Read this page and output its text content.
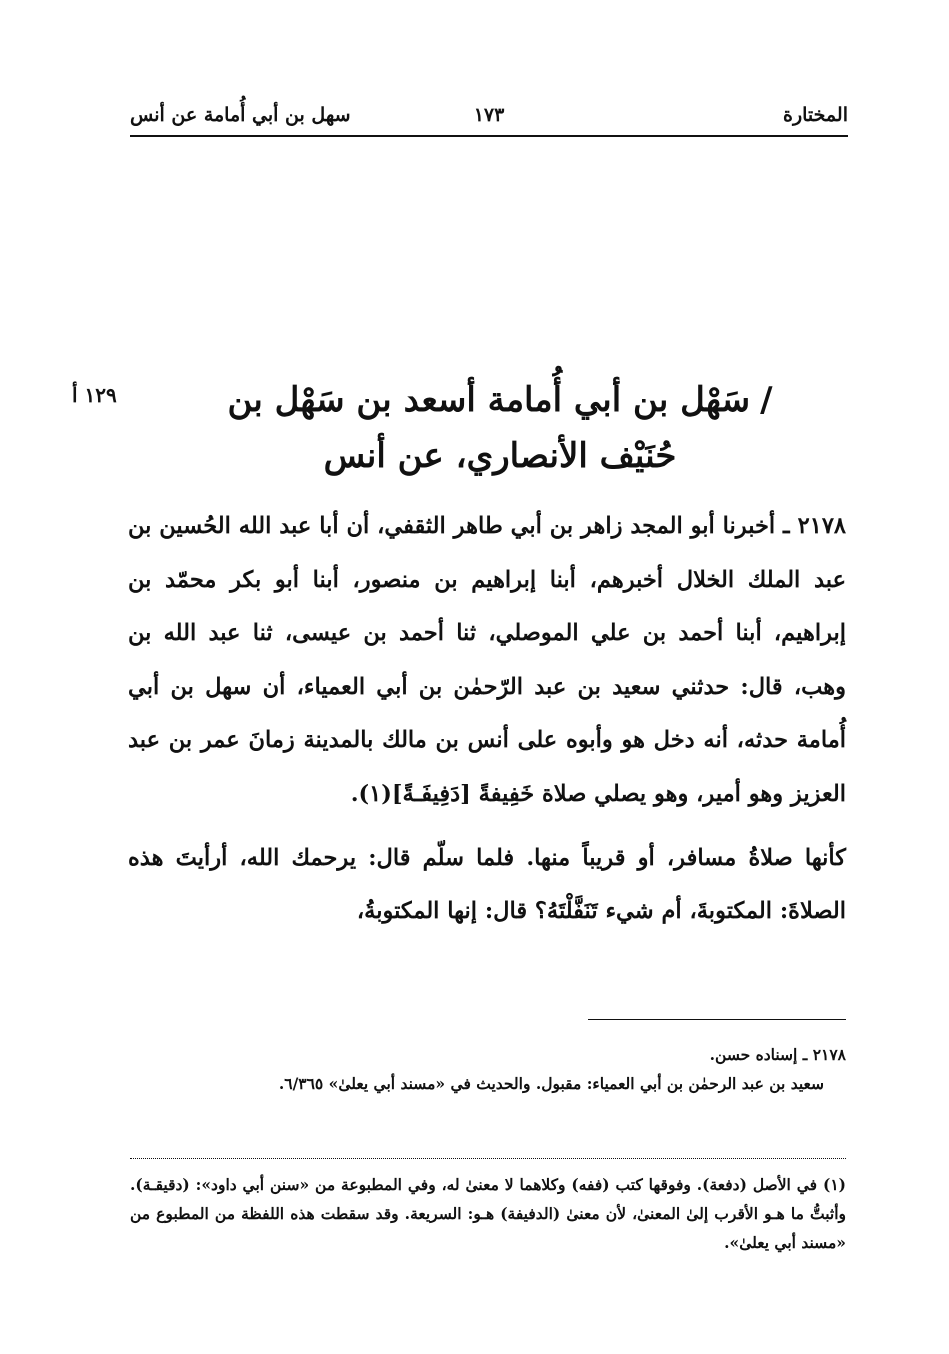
المختارة
١٧٣
سهل بن أبي أُمامة عن أنس
١٢٩ أ	/سَهْل بن أبي أُمامة أسعد بن سَهْل بن
حُنَيْف الأنصاري، عن أنس

٢١٧٨ـ أخبرنا أبو المجد زاهر بن أبي طاهر الثقفي، أن أبا عبد الله الحُسين بن عبد الملك الخلال أخبرهم، أبنا إبراهيم بن منصور، أبنا أبو بكر محمّد بن إبراهيم، أبنا أحمد بن علي الموصلي، ثنا أحمد بن عيسى، ثنا عبد الله بن وهب، قال: حدثني سعيد بن عبد الرّحمٰن بن أبي العمياء، أن سهل بن أبي أُمامة حدثه، أنه دخل هو وأبوه على أنس بن مالك بالمدينة زمانَ عمر بن عبد العزيز وهو أمير، وهو يصلي صلاة خَفِيفةً [دَفِيفَـةً](١).

كأنها صلاةُ مسافر، أو قريباً منها. فلما سلّم قال: يرحمك الله، أرأيتَ هذه الصلاةَ: المكتوبةَ، أم شيء تَنَفَّلْتَهُ؟ قال: إنها المكتوبةُ،

٢١٧٨ ـ إسناده حسن.

سعيد بن عبد الرحمٰن بن أبي العمياء: مقبول. والحديث في «مسند أبي يعلىٰ» ٦/٣٦٥.

(١) في الأصل (دفعة). وفوقها كتب (ففه) وكلاهما لا معنىٰ له، وفي المطبوعة من «سنن أبي داود»: (دقيقـة). وأثبتُّ ما هـو الأقرب إلىٰ المعنىٰ، لأن معنىٰ (الدفيفة) هـو: السريعة. وقد سقطت هذه اللفظة من المطبوع من «مسند أبي يعلىٰ».
